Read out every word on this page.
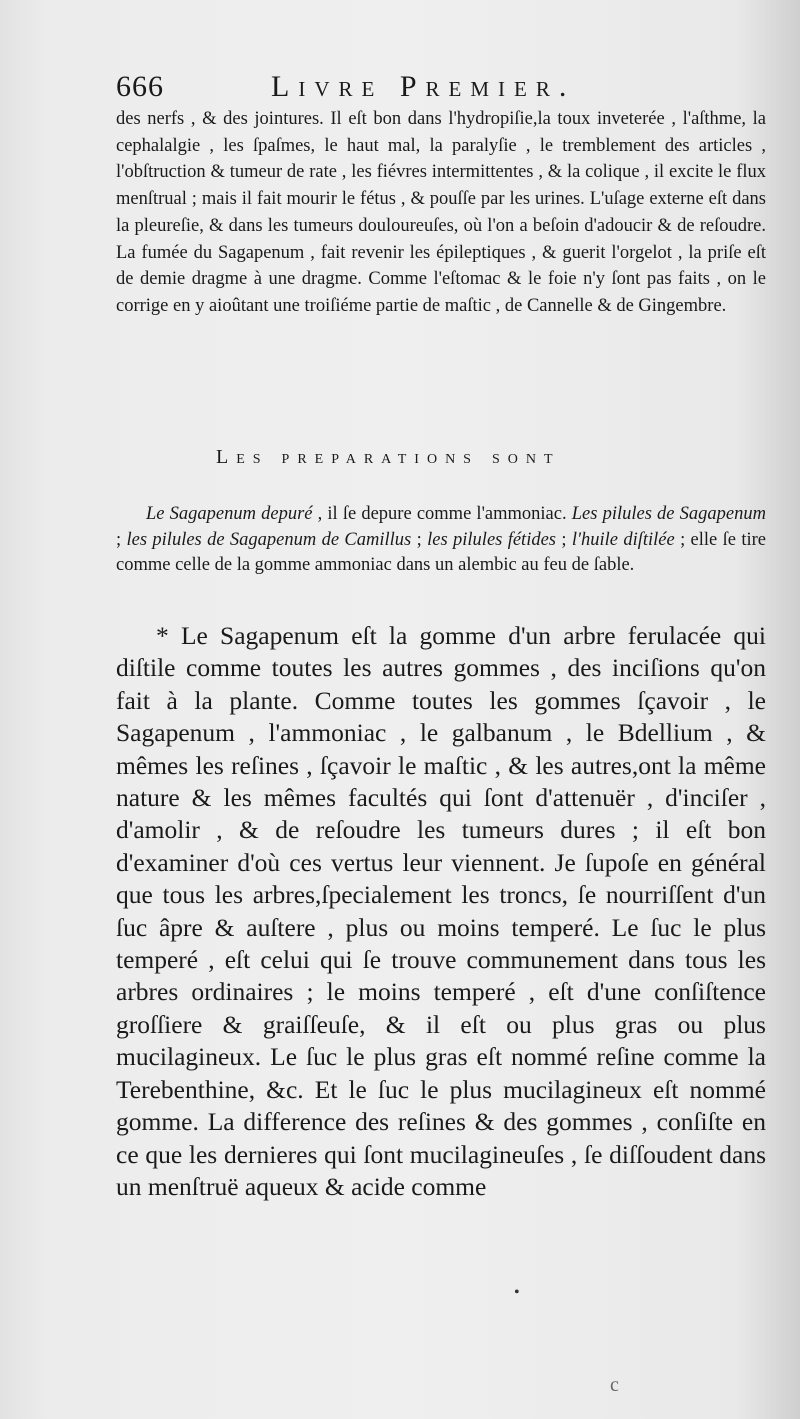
666	Livre Premier.

des nerfs , & des jointures. Il eſt bon dans l'hydropiſie,la toux inveterée , l'aſthme, la cephalalgie , les ſpaſmes, le haut mal, la paralyſie , le tremblement des articles , l'obſtruction & tumeur de rate , les fiévres intermittentes , & la colique , il excite le flux menſtrual ; mais il fait mourir le fétus , & pouſſe par les urines. L'uſage externe eſt dans la pleureſie, & dans les tumeurs douloureuſes, où l'on a beſoin d'adoucir & de reſoudre. La fumée du Sagapenum , fait revenir les épileptiques , & guerit l'orgelot , la priſe eſt de demie dragme à une dragme. Comme l'eſtomac & le foie n'y ſont pas faits , on le corrige en y aioûtant une troiſiéme partie de maſtic , de Cannelle & de Gingembre.

Les preparations sont

Le Sagapenum depuré , il ſe depure comme l'ammoniac. Les pilules de Sagapenum ; les pilules de Sagapenum de Camillus ; les pilules fétides ; l'huile diſtilée ; elle ſe tire comme celle de la gomme ammoniac dans un alembic au feu de ſable.

* Le Sagapenum eſt la gomme d'un arbre ferulacée qui diſtile comme toutes les autres gommes , des inciſions qu'on fait à la plante. Comme toutes les gommes ſçavoir , le Sagapenum , l'ammoniac , le galbanum , le Bdellium , & mêmes les reſines , ſçavoir le maſtic , & les autres,ont la même nature & les mêmes facultés qui ſont d'attenuër , d'inciſer , d'amolir , & de reſoudre les tumeurs dures ; il eſt bon d'examiner d'où ces vertus leur viennent. Je ſupoſe en général que tous les arbres,ſpecialement les troncs, ſe nourriſſent d'un ſuc âpre & auſtere , plus ou moins temperé. Le ſuc le plus temperé , eſt celui qui ſe trouve communement dans tous les arbres ordinaires ; le moins temperé , eſt d'une conſiſtence groſſiere & graiſſeuſe, & il eſt ou plus gras ou plus mucilagineux. Le ſuc le plus gras eſt nommé reſine comme la Terebenthine, &c. Et le ſuc le plus mucilagineux eſt nommé gomme. La difference des reſines & des gommes , conſiſte en ce que les dernieres qui ſont mucilagineuſes , ſe diſſoudent dans un menſtruë aqueux & acide comme

•
c
